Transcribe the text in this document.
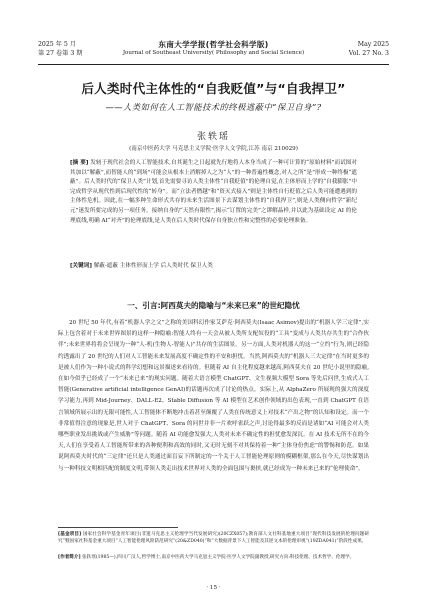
2025 年 5 月
第 27 卷第 3 期
东南大学学报(哲学社会科学版)
Journal of Southeast University( Philosophy and Social Science)
May 2025
Vol. 27 No. 3
后人类时代主体性的“自我贬值”与“自我捍卫”
——人类如何在人工智能技术的终极逃蔽中“保卫自身”?
张轶瑶
(南京中医药大学 马克思主义学院·医学人文学院,江苏 南京 210029)
[摘 要] 发轫于现代社会的人工智能技术,自其诞生之日起就先行地将人本身当成了一种可计算的“原始材料”而试图对其加以“解蔽”,而智能人的“到场”可能会从根本上消解掉人之为“人”的一种普遍性概念,对人之所“是”形成一种终极“遮蔽”。后人类时代的“保卫人类”计划,首先需要寻访人类主体性“自我贬值”的伦理自觉,在主体形而上学的“自我膨胀”中完成哲学从现代性到后现代性的“转身”。而“立法者僭越”和“资灭式接入”则是主体性自行贬值之后人类可能遭遇到的主体性危机。因此,在一幅多种生命形式共存的未来生活图景下去谋划主体性的“自我捍卫”,则是人类侧向哲学“新纪元”迷发所要完成的另一项任务。接纳自身的“天然有限性”,揭示“订置的完美”之谬解晶样,并以此为基础设定 AI 的伦理底线,明确 AI“对齐”的伦理底线,是人类在后人类时代保存自身独立性和完整性的必要伦理准备。
[关键词] 解蔽-遮蔽 主体性形而上学 后人类时代 保卫人类
一、引言:阿西莫夫的隐喻与“未来已来”的世纪隐忧
20 世纪 50 年代,有着“机器人学之父”之称的美国科幻作家艾萨克·阿西莫夫(Isaac Asimov)提出的“机器人学三定律”,实际上包含着对于未来世界图景的这样一种隐喻:智能人终有一天会从被人类所支配奴役的“工具”变成与人类共存共生的“合作伙伴”;未来世界将将会呈现为一种“人-机(生物人-智能人)”共存的生活图景。另一方面,人类对机器人的这一“立约”行为,则已经隐约透露出了 20 世纪的人们对人工智能未来发展高度不确定性的不安和担忧。当然,阿西莫夫的“机器人三大定律”在当时更多的是被人们作为一种小说式的科学幻想和远景描述来看待的。但随着 AI 自主化程度越来越高,阿西莫夫在 20 世纪小说里的隐喻,在如今似乎已经成了一个“未来已来”的现实问题。随着大语言模型 ChatGPT、文生视频大模型 Sora 等先后问世,生成式人工智能(Generative artificial intelligence GenAI)的话题再次成了讨论的热点。实际上,从 AlphaZero 所展现的强大的深度学习能力,再到 Mid-Journey、DALL-E2、Stable Diffusion 等 AI 模型在艺术创作领域的出色表现,一直到 ChatGPT 在语言领域所展示出的无限可能性,人工智能体不断地冲击着甚至颠覆了人类在传统意义上对技术“产出之物”的认知和设定。而一个非常值得注意的现象是,世人对于 ChatGPT、Sora 的问世并非一片欢呼雀跃之声,讨论得最多的反而是诸如“AI 可能会对人类哪些职业发出挑战或产生威胁”等问题。随着 AI 功能愈发强大,人类对未来不确定性的担忧愈发深沉。在 AI 技术无所不在的今天,人们在享受着人工智能所带来的各种便利和高效的同时,又无时无刻不对其保持着一种“主体身份焦虑”的警惕和防范。如果说阿西莫夫时代的“三定律”还只是人类通过面盲妄下所制定的一个关于人工智能伦理原则的模糊框架,那么在今天,尽快谋划出与一种科技文明相匹配的制度文明,带领人类走出技术世界对人类的全面包围与裹挟,就已经成为一种未来已来的“伦理使命”。
[基金项目] 国家社会科学基金青年项目(非遗马克思主义伦理学当代发展研究)(20CZX057);教育部人文社科基地重大项目“现代科技发展的伦理问题研究”暨国家社科基金重大项目“人工智能伦理风险防范研究”(20&ZD040)”和“大数据背景下人工智能及其逆文本的伦理审视”(19ZDA041)”阶段性成果。
[作者简介] 张轶瑶(1985—),四川广汉人,哲学博士,南京中医药大学马克思主义学院·医学人文学院副教授,研究方向:科技伦理、技术哲学、伦理学。
· 15 ·
